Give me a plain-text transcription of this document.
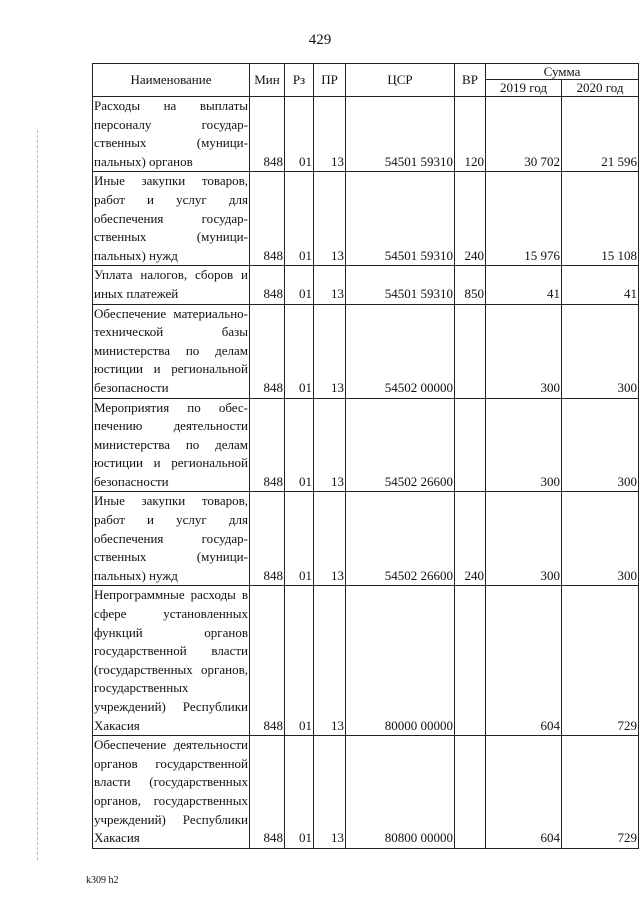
429
Наименование	Мин	Рз	ПР	ЦСР	ВР	Сумма	
						2019 год	2020 год
Расходы на выплаты персоналу государственных (муниципальных) органов	848	01	13	54501 59310	120	30 702	21 596
Иные закупки товаров, работ и услуг для обеспечения государственных (муниципальных) нужд	848	01	13	54501 59310	240	15 976	15 108
Уплата налогов, сборов и иных платежей	848	01	13	54501 59310	850	41	41
Обеспечение материально-технической базы министерства по делам юстиции и региональной безопасности	848	01	13	54502 00000		300	300
Мероприятия по обеспечению деятельности министерства по делам юстиции и региональной безопасности	848	01	13	54502 26600		300	300
Иные закупки товаров, работ и услуг для обеспечения государственных (муниципальных) нужд	848	01	13	54502 26600	240	300	300
Непрограммные расходы в сфере установленных функций органов государственной власти (государственных органов, государственных учреждений) Республики Хакасия	848	01	13	80000 00000		604	729
Обеспечение деятельности органов государственной власти (государственных органов, государственных учреждений) Республики Хакасия	848	01	13	80800 00000		604	729
k309 h2
